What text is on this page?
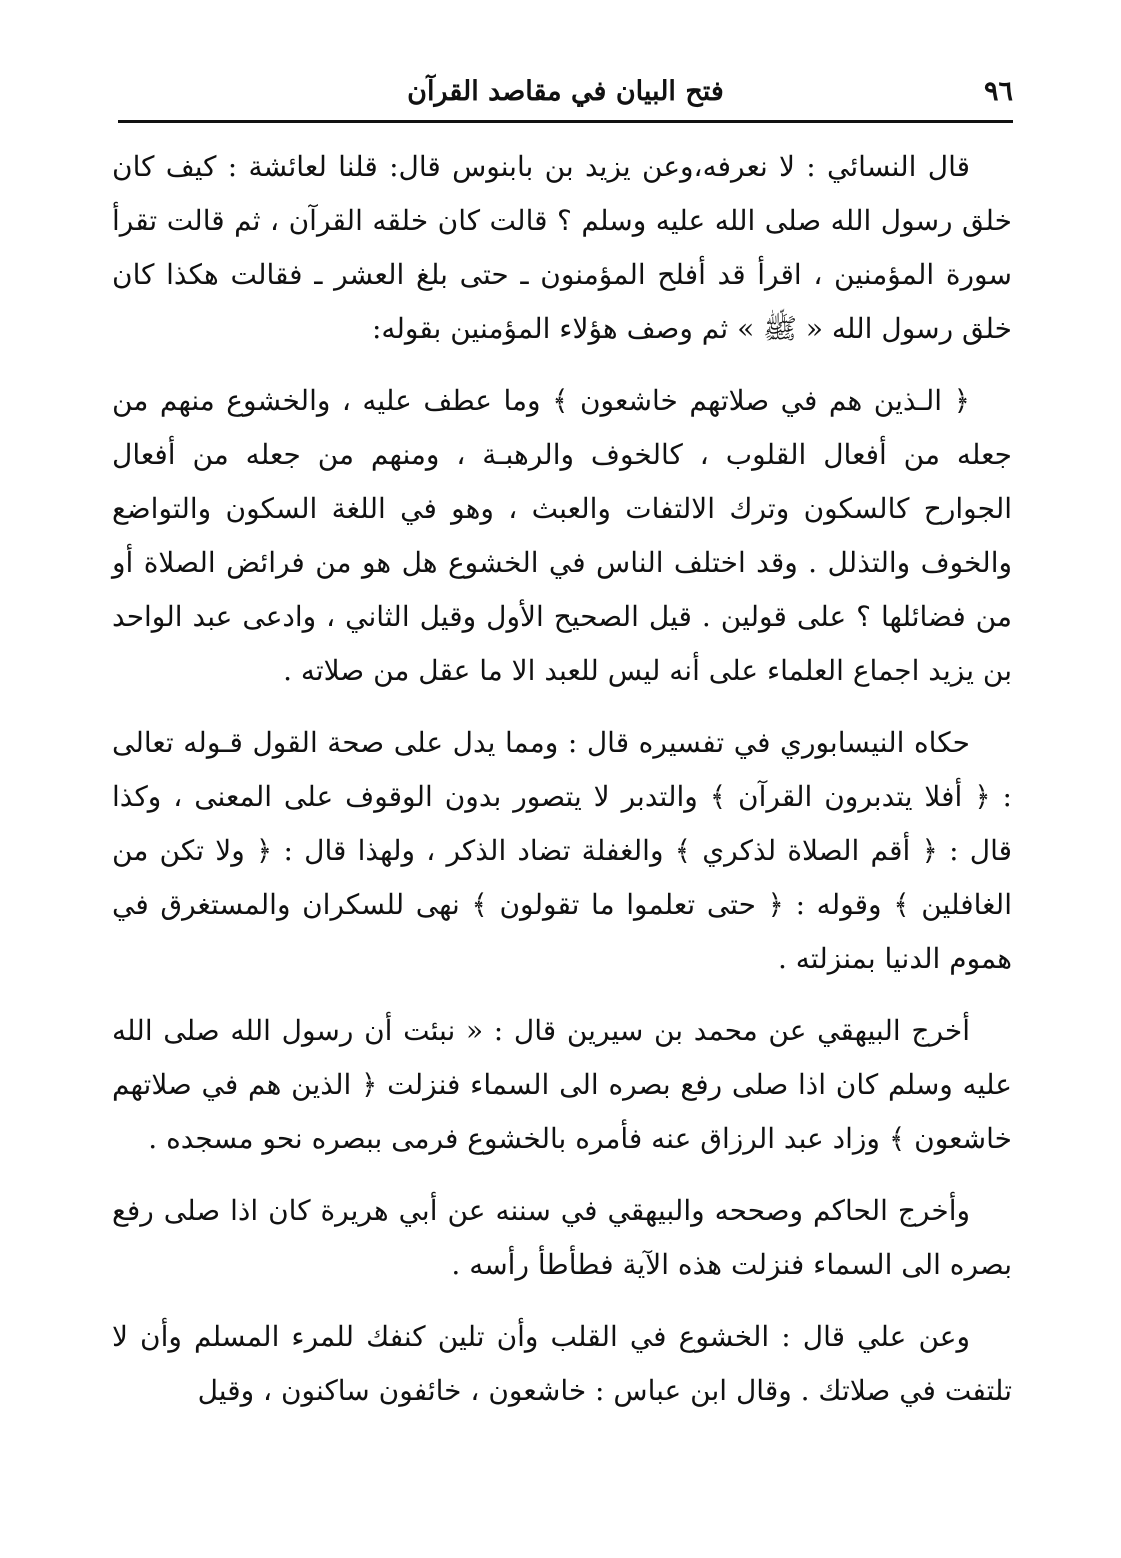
٩٦
فتح البيان في مقاصد القرآن

قال النسائي : لا نعرفه،وعن يزيد بن بابنوس قال: قلنا لعائشة : كيف كان خلق رسول الله صلى الله عليه وسلم ؟ قالت كان خلقه القرآن ، ثم قالت تقرأ سورة المؤمنين ، اقرأ قد أفلح المؤمنون ـ حتى بلغ العشر ـ فقالت هكذا كان خلق رسول الله « ﷺ » ثم وصف هؤلاء المؤمنين بقوله:

﴿ الـذين هم في صلاتهم خاشعون ﴾ وما عطف عليه ، والخشوع منهم من جعله من أفعال القلوب ، كالخوف والرهبـة ، ومنهم من جعله من أفعال الجوارح كالسكون وترك الالتفات والعبث ، وهو في اللغة السكون والتواضع والخوف والتذلل . وقد اختلف الناس في الخشوع هل هو من فرائض الصلاة أو من فضائلها ؟ على قولين . قيل الصحيح الأول وقيل الثاني ، وادعى عبد الواحد بن يزيد اجماع العلماء على أنه ليس للعبد الا ما عقل من صلاته .

حكاه النيسابوري في تفسيره قال : ومما يدل على صحة القول قـوله تعالى : ﴿ أفلا يتدبرون القرآن ﴾ والتدبر لا يتصور بدون الوقوف على المعنى ، وكذا قال : ﴿ أقم الصلاة لذكري ﴾ والغفلة تضاد الذكر ، ولهذا قال : ﴿ ولا تكن من الغافلين ﴾ وقوله : ﴿ حتى تعلموا ما تقولون ﴾ نهى للسكران والمستغرق في هموم الدنيا بمنزلته .

أخرج البيهقي عن محمد بن سيرين قال : « نبئت أن رسول الله صلى الله عليه وسلم كان اذا صلى رفع بصره الى السماء فنزلت ﴿ الذين هم في صلاتهم خاشعون ﴾ وزاد عبد الرزاق عنه فأمره بالخشوع فرمى ببصره نحو مسجده .

وأخرج الحاكم وصححه والبيهقي في سننه عن أبي هريرة كان اذا صلى رفع بصره الى السماء فنزلت هذه الآية فطأطأ رأسه .

وعن علي قال : الخشوع في القلب وأن تلين كنفك للمرء المسلم وأن لا تلتفت في صلاتك . وقال ابن عباس : خاشعون ، خائفون ساكنون ، وقيل
